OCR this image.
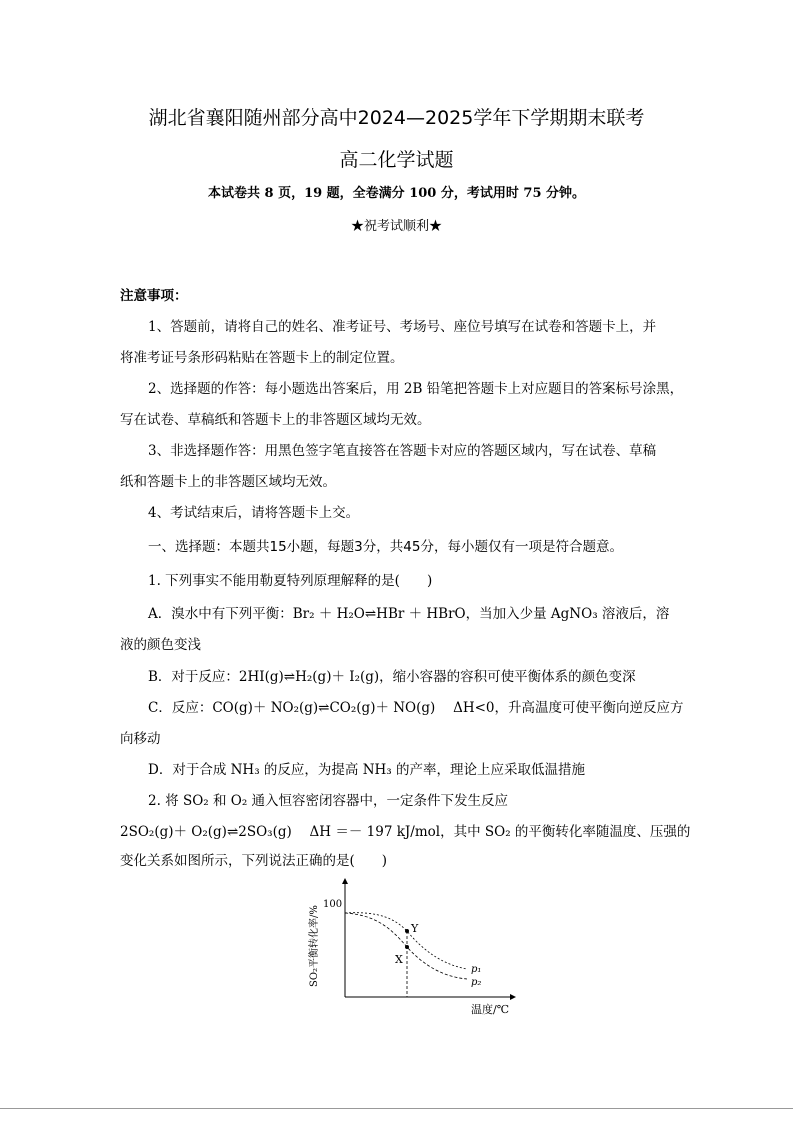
湖北省襄阳随州部分高中2024—2025学年下学期期末联考
高二化学试题
本试卷共 8 页，19 题，全卷满分 100 分，考试用时 75 分钟。
★祝考试顺利★
注意事项：
1、答题前，请将自己的姓名、准考证号、考场号、座位号填写在试卷和答题卡上，并
将准考证号条形码粘贴在答题卡上的制定位置。
2、选择题的作答：每小题选出答案后，用 2B 铅笔把答题卡上对应题目的答案标号涂黑，
写在试卷、草稿纸和答题卡上的非答题区域均无效。
3、非选择题作答：用黑色签字笔直接答在答题卡对应的答题区域内，写在试卷、草稿
纸和答题卡上的非答题区域均无效。
4、考试结束后，请将答题卡上交。
一、选择题：本题共15小题，每题3分，共45分，每小题仅有一项是符合题意。
1. 下列事实不能用勒夏特列原理解释的是(　　)
A．溴水中有下列平衡：Br₂ ＋ H₂O⇌HBr ＋ HBrO，当加入少量 AgNO₃ 溶液后，溶
液的颜色变浅
B．对于反应：2HI(g)⇌H₂(g)＋ I₂(g)，缩小容器的容积可使平衡体系的颜色变深
C．反应：CO(g)＋ NO₂(g)⇌CO₂(g)＋ NO(g)　 ΔH<0，升高温度可使平衡向逆反应方
向移动
D．对于合成 NH₃ 的反应，为提高 NH₃ 的产率，理论上应采取低温措施
2. 将 SO₂ 和 O₂ 通入恒容密闭容器中，一定条件下发生反应
2SO₂(g)＋ O₂(g)⇌2SO₃(g)　 ΔH ＝－ 197 kJ/mol，其中 SO₂ 的平衡转化率随温度、压强的
变化关系如图所示，下列说法正确的是(　　)
100
Y
X
p₁
p₂
温度/℃
SO₂平衡转化率/%
